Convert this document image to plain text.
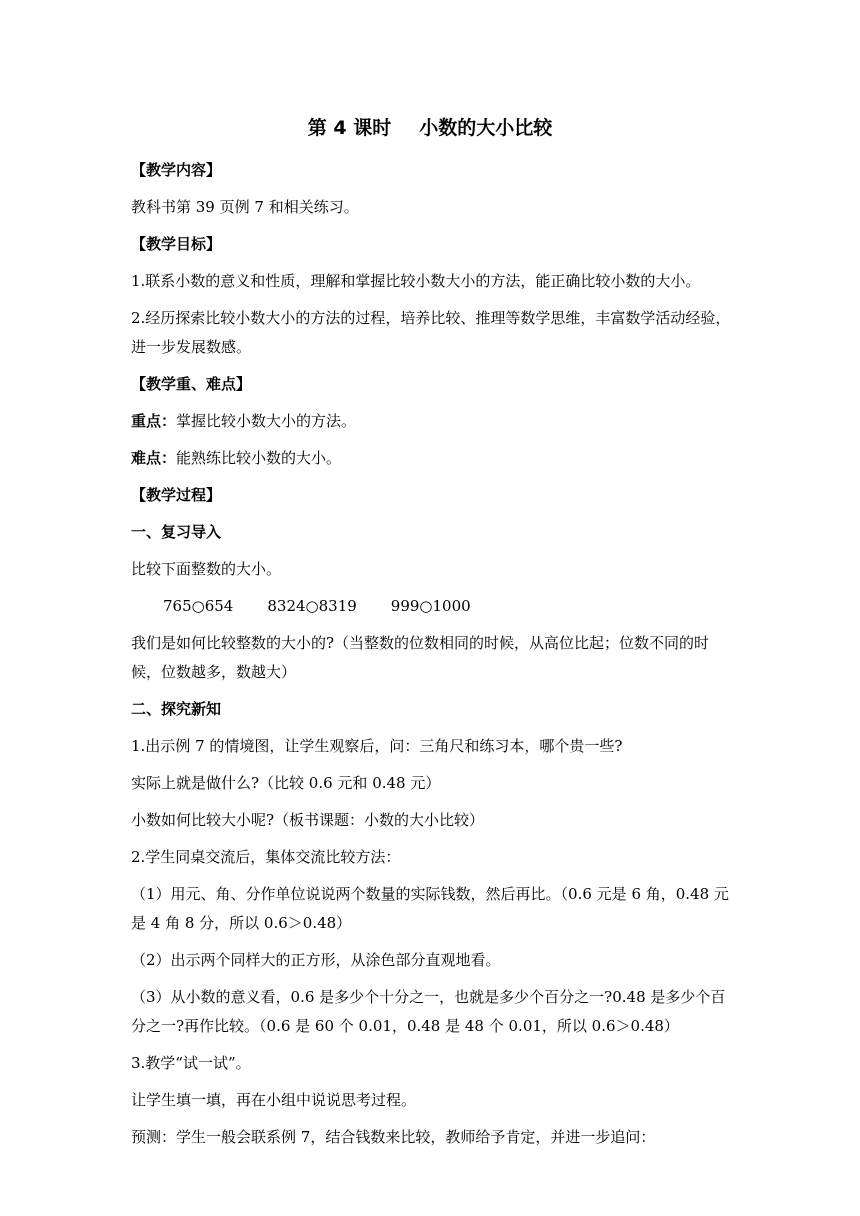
第 4 课时 小数的大小比较

【教学内容】

教科书第 39 页例 7 和相关练习。

【教学目标】

1.联系小数的意义和性质，理解和掌握比较小数大小的方法，能正确比较小数的大小。

2.经历探索比较小数大小的方法的过程，培养比较、推理等数学思维，丰富数学活动经验，进一步发展数感。

【教学重、难点】

重点：掌握比较小数大小的方法。

难点：能熟练比较小数的大小。

【教学过程】

一、复习导入

比较下面整数的大小。

765○654 8324○8319 999○1000

我们是如何比较整数的大小的?（当整数的位数相同的时候，从高位比起；位数不同的时候，位数越多，数越大）

二、探究新知

1.出示例 7 的情境图，让学生观察后，问：三角尺和练习本，哪个贵一些?

实际上就是做什么?（比较 0.6 元和 0.48 元）

小数如何比较大小呢?（板书课题：小数的大小比较）

2.学生同桌交流后，集体交流比较方法：

（1）用元、角、分作单位说说两个数量的实际钱数，然后再比。（0.6 元是 6 角，0.48 元是 4 角 8 分，所以 0.6＞0.48）

（2）出示两个同样大的正方形，从涂色部分直观地看。

（3）从小数的意义看，0.6 是多少个十分之一，也就是多少个百分之一?0.48 是多少个百分之一?再作比较。（0.6 是 60 个 0.01，0.48 是 48 个 0.01，所以 0.6＞0.48）

3.教学“试一试”。

让学生填一填，再在小组中说说思考过程。

预测：学生一般会联系例 7，结合钱数来比较，教师给予肯定，并进一步追问：
